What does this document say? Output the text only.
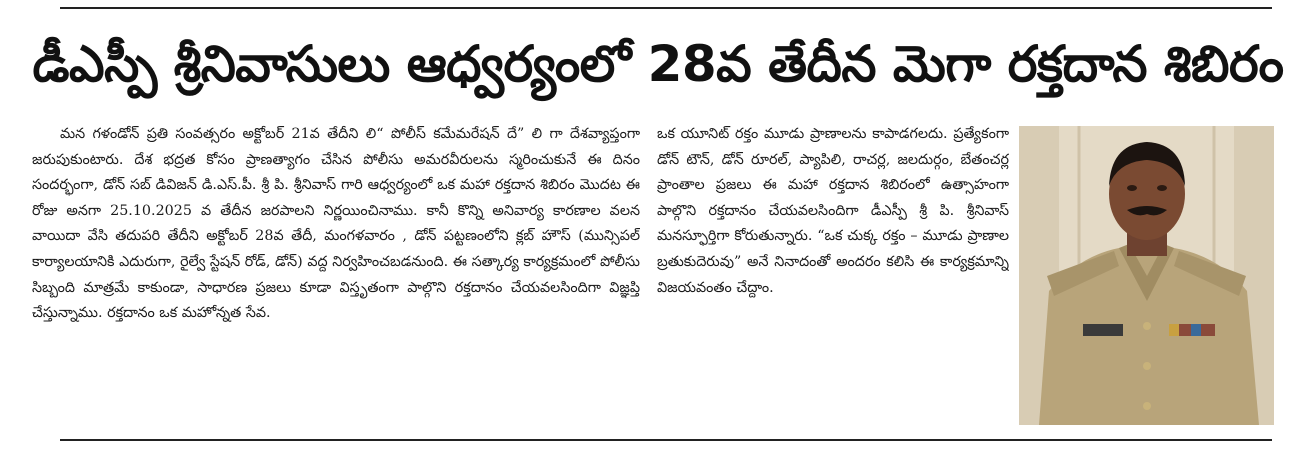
డీఎస్పీ శ్రీనివాసులు ఆధ్వర్యంలో 28వ తేదీన మెగా రక్తదాన శిబిరం

మన గళండోన్ ప్రతి సంవత్సరం అక్టోబర్ 21వ తేదీని లి“ పోలీస్ కమేమరేషన్ దే” లి గా దేశవ్యాప్తంగా జరుపుకుంటారు. దేశ భద్రత కోసం ప్రాణత్యాగం చేసిన పోలీసు అమరవీరులను స్మరించుకునే ఈ దినం సందర్భంగా, డోన్ సబ్ డివిజన్ డి.ఎస్.పీ. శ్రీ పి. శ్రీనివాస్ గారి ఆధ్వర్యంలో ఒక మహా రక్తదాన శిబిరం మొదట ఈ రోజు అనగా 25.10.2025 వ తేదీన జరపాలని నిర్ణయించినాము. కానీ కొన్ని అనివార్య కారణాల వలన వాయిదా వేసి తదుపరి తేదీని అక్టోబర్ 28వ తేదీ, మంగళవారం , డోన్ పట్టణంలోని క్లబ్ హౌస్ (మున్సిపల్ కార్యాలయానికి ఎదురుగా, రైల్వే స్టేషన్ రోడ్, డోన్) వద్ద నిర్వహించబడనుంది. ఈ సత్కార్య కార్యక్రమంలో పోలీసు సిబ్బంది మాత్రమే కాకుండా, సాధారణ ప్రజలు కూడా విస్తృతంగా పాల్గొని రక్తదానం చేయవలసిందిగా విజ్ఞప్తి చేస్తున్నాము. రక్తదానం ఒక మహోన్నత సేవ.

ఒక యూనిట్ రక్తం మూడు ప్రాణాలను కాపాడగలదు. ప్రత్యేకంగా డోన్ టౌన్, డోన్ రూరల్, ప్యాపిలి, రాచర్ల, జలదుర్గం, బేతంచర్ల ప్రాంతాల ప్రజలు ఈ మహా రక్తదాన శిబిరంలో ఉత్సాహంగా పాల్గొని రక్తదానం చేయవలసిందిగా డీఎస్పీ శ్రీ పి. శ్రీనివాస్ మనస్ఫూర్తిగా కోరుతున్నారు. “ఒక చుక్క రక్తం – మూడు ప్రాణాల బ్రతుకుదెరువు” అనే నినాదంతో అందరం కలిసి ఈ కార్యక్రమాన్ని విజయవంతం చేద్దాం.
